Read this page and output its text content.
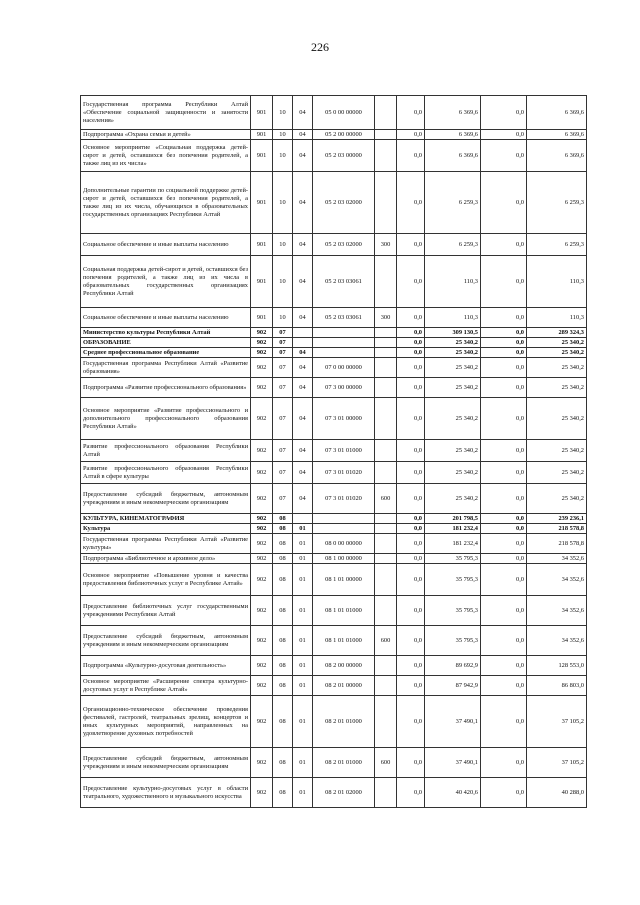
226
Государственная программа Республики Алтай «Обеспечение социальной защищенности и занятости населения»	901	10	04	05 0 00 00000		0,0	6 369,6	0,0	6 369,6
Подпрограмма «Охрана семьи и детей»	901	10	04	05 2 00 00000		0,0	6 369,6	0,0	6 369,6
Основное мероприятие «Социальная поддержка детей-сирот и детей, оставшихся без попечения родителей, а также лиц из их числа»	901	10	04	05 2 03 00000		0,0	6 369,6	0,0	6 369,6
Дополнительные гарантии по социальной поддержке детей-сирот и детей, оставшихся без попечения родителей, а также лиц из их числа, обучающихся в образовательных государственных организациях Республики Алтай	901	10	04	05 2 03 02000		0,0	6 259,3	0,0	6 259,3
Социальное обеспечение и иные выплаты населению	901	10	04	05 2 03 02000	300	0,0	6 259,3	0,0	6 259,3
Социальная поддержка детей-сирот и детей, оставшихся без попечения родителей, а также лиц из их числа в образовательных государственных организациях Республики Алтай	901	10	04	05 2 03 03061		0,0	110,3	0,0	110,3
Социальное обеспечение и иные выплаты населению	901	10	04	05 2 03 03061	300	0,0	110,3	0,0	110,3
Министерство культуры Республики Алтай	902	07				0,0	309 130,5	0,0	289 324,3
ОБРАЗОВАНИЕ	902	07				0,0	25 340,2	0,0	25 340,2
Среднее профессиональное образование	902	07	04			0,0	25 340,2	0,0	25 340,2
Государственная программа Республики Алтай «Развитие образования»	902	07	04	07 0 00 00000		0,0	25 340,2	0,0	25 340,2
Подпрограмма «Развитие профессионального образования»	902	07	04	07 3 00 00000		0,0	25 340,2	0,0	25 340,2
Основное мероприятие «Развитие профессионального и дополнительного профессионального образования Республики Алтай»	902	07	04	07 3 01 00000		0,0	25 340,2	0,0	25 340,2
Развитие профессионального образования Республики Алтай	902	07	04	07 3 01 01000		0,0	25 340,2	0,0	25 340,2
Развитие профессионального образования Республики Алтай в сфере культуры	902	07	04	07 3 01 01020		0,0	25 340,2	0,0	25 340,2
Предоставление субсидий бюджетным, автономным учреждениям и иным некоммерческим организациям	902	07	04	07 3 01 01020	600	0,0	25 340,2	0,0	25 340,2
КУЛЬТУРА, КИНЕМАТОГРАФИЯ	902	08				0,0	201 798,5	0,0	239 236,1
Культура	902	08	01			0,0	181 232,4	0,0	218 578,8
Государственная программа Республики Алтай «Развитие культуры»	902	08	01	08 0 00 00000		0,0	181 232,4	0,0	218 578,8
Подпрограмма «Библиотечное и архивное дело»	902	08	01	08 1 00 00000		0,0	35 795,3	0,0	34 352,6
Основное мероприятие «Повышение уровня и качества предоставления библиотечных услуг в Республике Алтай»	902	08	01	08 1 01 00000		0,0	35 795,3	0,0	34 352,6
Предоставление библиотечных услуг государственными учреждениями Республики Алтай	902	08	01	08 1 01 01000		0,0	35 795,3	0,0	34 352,6
Предоставление субсидий бюджетным, автономным учреждениям и иным некоммерческим организациям	902	08	01	08 1 01 01000	600	0,0	35 795,3	0,0	34 352,6
Подпрограмма «Культурно-досуговая деятельность»	902	08	01	08 2 00 00000		0,0	89 692,9	0,0	128 553,0
Основное мероприятие «Расширение спектра культурно-досуговых услуг в Республике Алтай»	902	08	01	08 2 01 00000		0,0	87 942,9	0,0	86 803,0
Организационно-техническое обеспечение проведения фестивалей, гастролей, театральных зрелищ, концертов и иных культурных мероприятий, направленных на удовлетворение духовных потребностей	902	08	01	08 2 01 01000		0,0	37 490,1	0,0	37 105,2
Предоставление субсидий бюджетным, автономным учреждениям и иным некоммерческим организациям	902	08	01	08 2 01 01000	600	0,0	37 490,1	0,0	37 105,2
Предоставление культурно-досуговых услуг в области театрального, художественного и музыкального искусства	902	08	01	08 2 01 02000		0,0	40 420,6	0,0	40 288,0
